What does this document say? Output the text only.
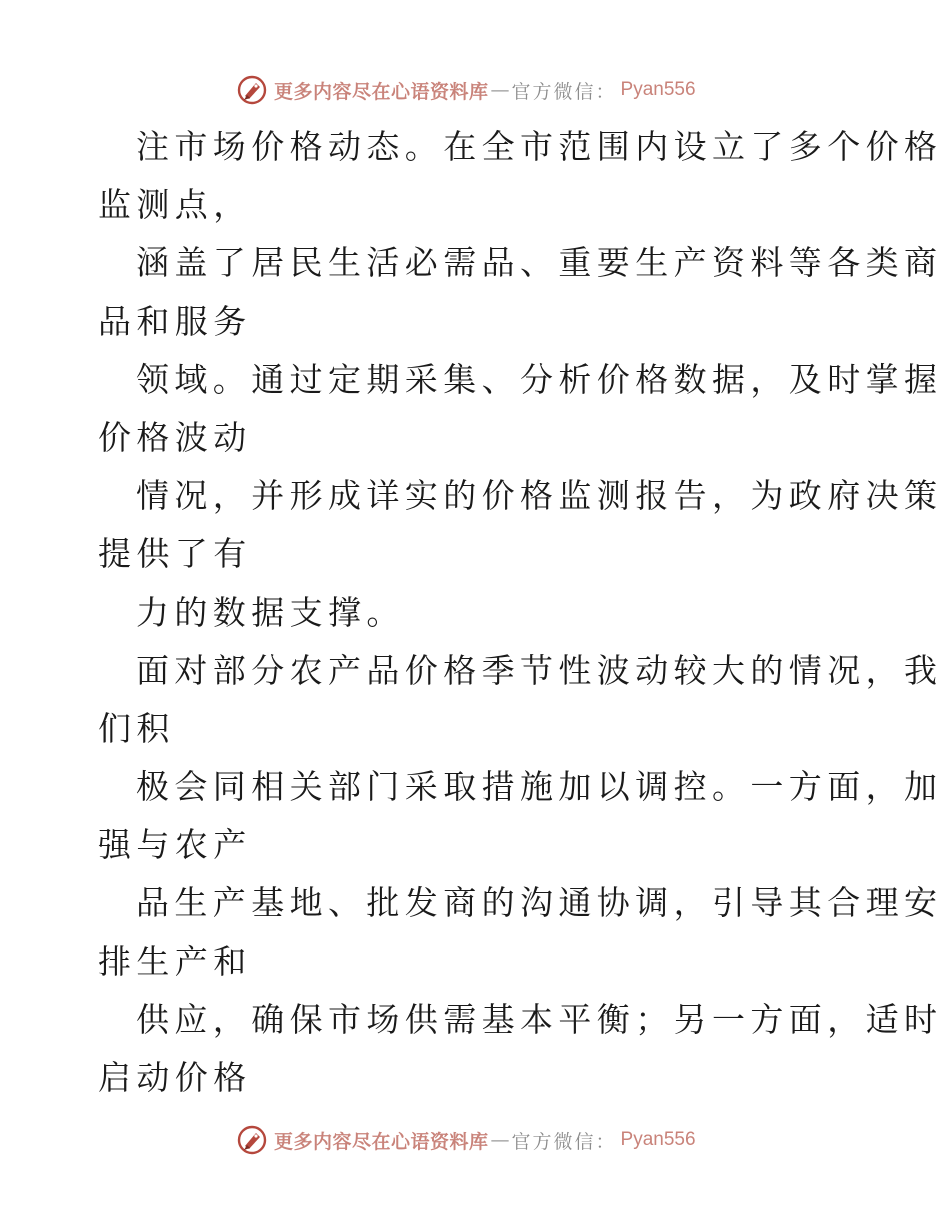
更多内容尽在心语资料库 — 官方微信： Pyan556
注市场价格动态。在全市范围内设立了多个价格
监测点，
涵盖了居民生活必需品、重要生产资料等各类商
品和服务
领域。通过定期采集、分析价格数据，及时掌握
价格波动
情况，并形成详实的价格监测报告，为政府决策
提供了有
力的数据支撑。
面对部分农产品价格季节性波动较大的情况，我
们积
极会同相关部门采取措施加以调控。一方面，加
强与农产
品生产基地、批发商的沟通协调，引导其合理安
排生产和
供应，确保市场供需基本平衡；另一方面，适时
启动价格
更多内容尽在心语资料库 — 官方微信： Pyan556
